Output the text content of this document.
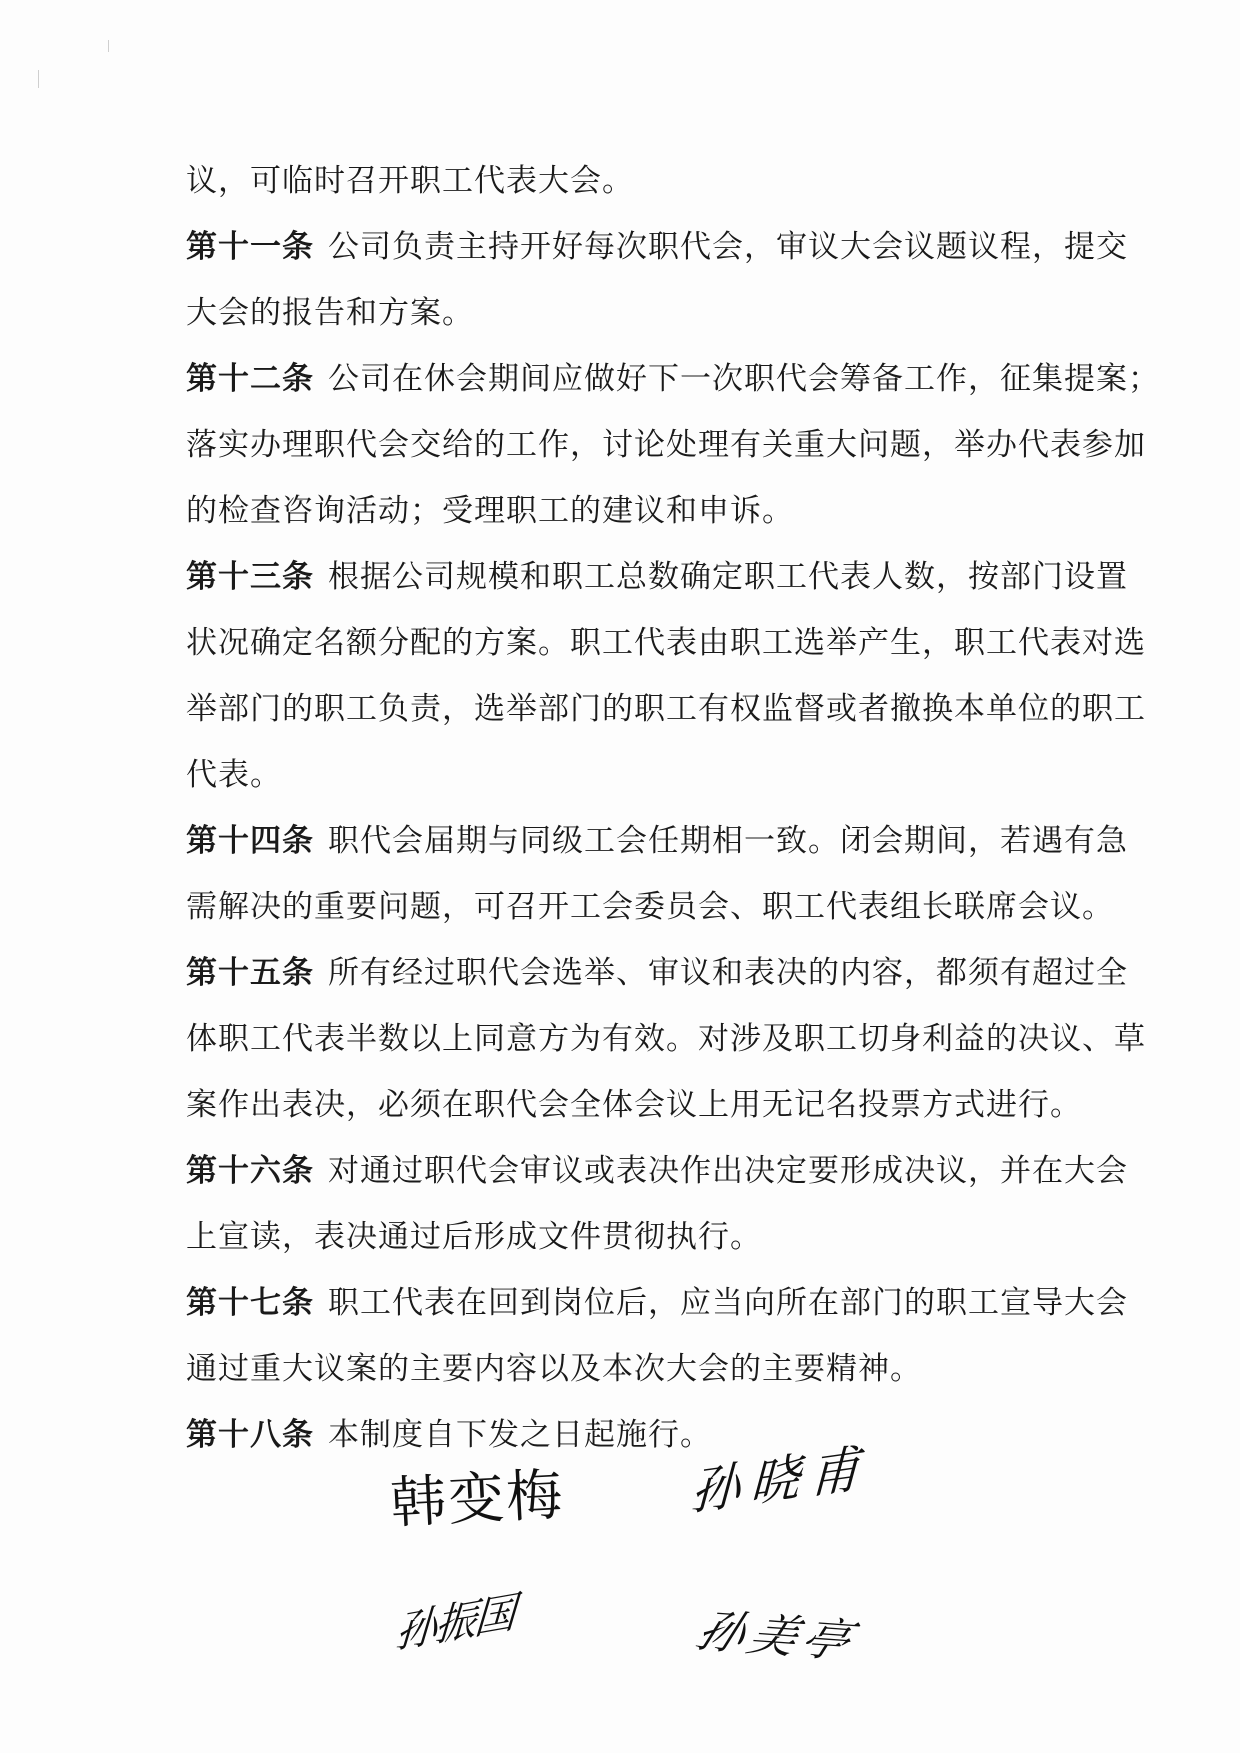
议，可临时召开职工代表大会。
第十一条 公司负责主持开好每次职代会，审议大会议题议程，提交
大会的报告和方案。
第十二条 公司在休会期间应做好下一次职代会筹备工作，征集提案；
落实办理职代会交给的工作，讨论处理有关重大问题，举办代表参加
的检查咨询活动；受理职工的建议和申诉。
第十三条 根据公司规模和职工总数确定职工代表人数，按部门设置
状况确定名额分配的方案。职工代表由职工选举产生，职工代表对选
举部门的职工负责，选举部门的职工有权监督或者撤换本单位的职工
代表。
第十四条 职代会届期与同级工会任期相一致。闭会期间，若遇有急
需解决的重要问题，可召开工会委员会、职工代表组长联席会议。
第十五条 所有经过职代会选举、审议和表决的内容，都须有超过全
体职工代表半数以上同意方为有效。对涉及职工切身利益的决议、草
案作出表决，必须在职代会全体会议上用无记名投票方式进行。
第十六条 对通过职代会审议或表决作出决定要形成决议，并在大会
上宣读，表决通过后形成文件贯彻执行。
第十七条 职工代表在回到岗位后，应当向所在部门的职工宣导大会
通过重大议案的主要内容以及本次大会的主要精神。
第十八条 本制度自下发之日起施行。
韩变梅 孙晓甫
孙振国	孙美亭
